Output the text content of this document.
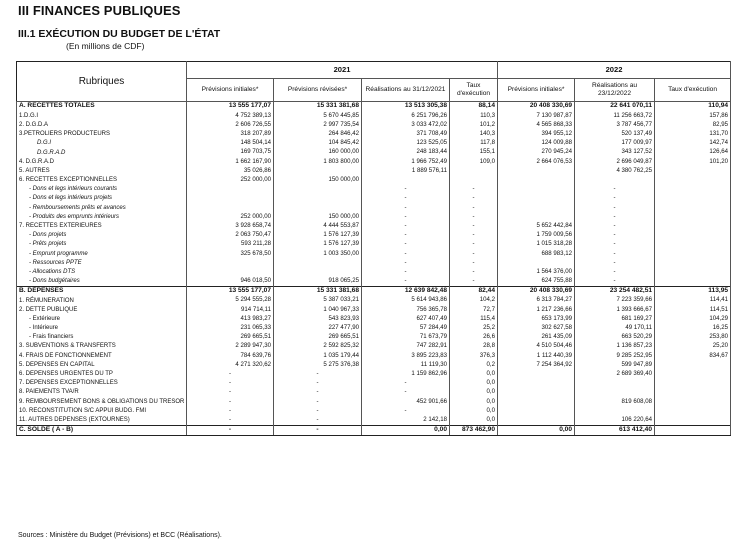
III FINANCES PUBLIQUES
III.1 EXÉCUTION DU BUDGET DE L'ÉTAT
(En millions de CDF)
Rubriques	2021				2022		
	Prévisions initiales*	Prévisions révisées*	Réalisations au 31/12/2021	Taux d'exécution	Prévisions initiales*	Réalisations au 23/12/2022	Taux d'exécution
A. RECETTES TOTALES	13 555 177,07	15 331 381,68	13 513 305,38	88,14	20 408 330,69	22 641 070,11	110,94
1.D.G.I	4 752 389,13	5 670 445,85	6 251 796,26	110,3	7 130 987,87	11 256 663,72	157,86
2. D.G.D.A	2 606 726,55	2 997 735,54	3 033 472,02	101,2	4 565 868,33	3 787 456,77	82,95
3.PETROLIERS PRODUCTEURS	318 207,89	264 846,42	371 708,49	140,3	394 955,12	520 137,49	131,70
D.G.I	148 504,14	104 845,42	123 525,05	117,8	124 009,88	177 009,97	142,74
D.G.R.A.D	169 703,75	160 000,00	248 183,44	155,1	270 945,24	343 127,52	126,64
4. D.G.R.A.D	1 662 167,90	1 803 800,00	1 966 752,49	109,0	2 664 076,53	2 696 049,87	101,20
5. AUTRES	35 026,86		1 889 576,11			4 380 762,25	
6. RECETTES EXCEPTIONNELLES	252 000,00	150 000,00					
- Dons et legs intérieurs courants			-	-		-	
- Dons et legs intérieurs projets			-	-		-	
- Remboursements prêts et avances			-	-		-	
- Produits des emprunts intérieurs	252 000,00	150 000,00	-	-		-	
7. RECETTES EXTERIEURES	3 928 658,74	4 444 553,87	-	-	5 652 442,84	-	
- Dons projets	2 063 750,47	1 576 127,39	-	-	1 759 009,56	-	
- Prêts projets	593 211,28	1 576 127,39	-	-	1 015 318,28	-	
- Emprunt programme	325 678,50	1 003 350,00	-	-	688 983,12	-	
- Ressources PPTE			-	-		-	
- Allocations DTS			-	-	1 564 376,00	-	
- Dons budgétaires	946 018,50	918 065,25	-	-	624 755,88	-	
B. DÉPENSES	13 555 177,07	15 331 381,68	12 639 842,48	82,44	20 408 330,69	23 254 482,51	113,95
1. RÉMUNERATION	5 294 555,28	5 387 033,21	5 614 943,86	104,2	6 313 784,27	7 223 359,66	114,41
2. DETTE PUBLIQUE	914 714,11	1 040 967,33	756 365,78	72,7	1 217 236,66	1 393 666,67	114,51
- Extérieure	413 983,27	543 823,93	627 407,49	115,4	653 173,99	681 169,27	104,29
- Intérieure	231 065,33	227 477,90	57 284,49	25,2	302 627,58	49 170,11	16,25
- Frais financiers	269 665,51	269 665,51	71 673,79	26,6	261 435,09	663 520,29	253,80
3. SUBVENTIONS & TRANSFERTS	2 289 947,30	2 592 825,32	747 282,91	28,8	4 510 504,46	1 136 857,23	25,20
4. FRAIS DE FONCTIONNEMENT	784 639,76	1 035 179,44	3 895 223,83	376,3	1 112 440,39	9 285 252,95	834,67
5. DEPENSES EN CAPITAL	4 271 320,62	5 275 376,38	11 119,30	0,2	7 254 364,92	599 947,89	
6. DEPENSES URGENTES DU TP	-	-	1 159 862,96	0,0		2 689 369,40	
7. DEPENSES EXCEPTIONNELLES	-	-	-	0,0			
8. PAIEMENTS TVA/R	-	-	-	0,0			
9. REMBOURSEMENT BONS & OBLIGATIONS DU TRESOR	-	-	452 901,66	0,0		819 608,08	
10. RECONSTITUTION S/C APPUI BUDG. FMI	-	-	-	0,0			
11. AUTRES DEPENSES (EXTOURNES)	-	-	2 142,18	0,0		106 220,64	
C. SOLDE ( A - B)	-	-	0,00	873 462,90	0,00	613 412,40	
Sources : Ministère du Budget (Prévisions) et BCC (Réalisations).
